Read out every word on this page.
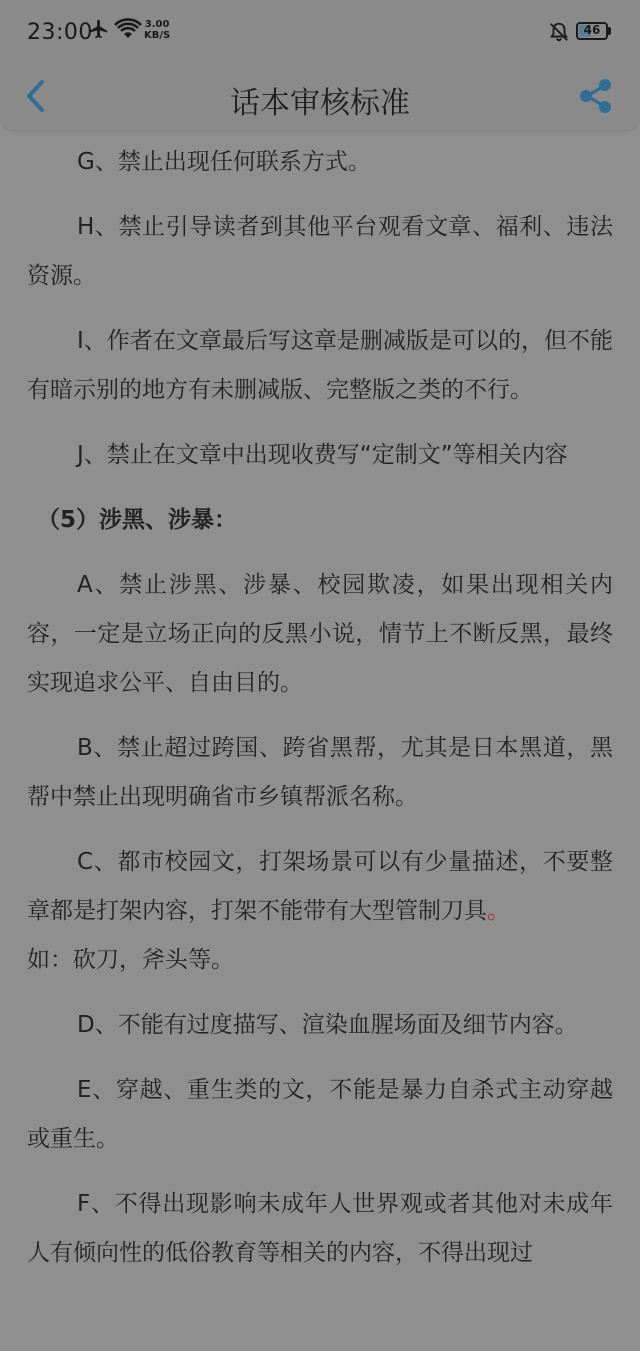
23:00	3.00
KB/S	46
话本审核标准

G、禁止出现任何联系方式。

H、禁止引导读者到其他平台观看文章、福利、违法资源。

I、作者在文章最后写这章是删减版是可以的，但不能有暗示别的地方有未删减版、完整版之类的不行。

J、禁止在文章中出现收费写“定制文”等相关内容

（5）涉黑、涉暴：

A、禁止涉黑、涉暴、校园欺凌，如果出现相关内容，一定是立场正向的反黑小说，情节上不断反黑，最终实现追求公平、自由目的。

B、禁止超过跨国、跨省黑帮，尤其是日本黑道，黑帮中禁止出现明确省市乡镇帮派名称。

C、都市校园文，打架场景可以有少量描述，不要整章都是打架内容，打架不能带有大型管制刀具。
如：砍刀，斧头等。

D、不能有过度描写、渲染血腥场面及细节内容。

E、穿越、重生类的文，不能是暴力自杀式主动穿越或重生。

F、不得出现影响未成年人世界观或者其他对未成年人有倾向性的低俗教育等相关的内容，不得出现过
